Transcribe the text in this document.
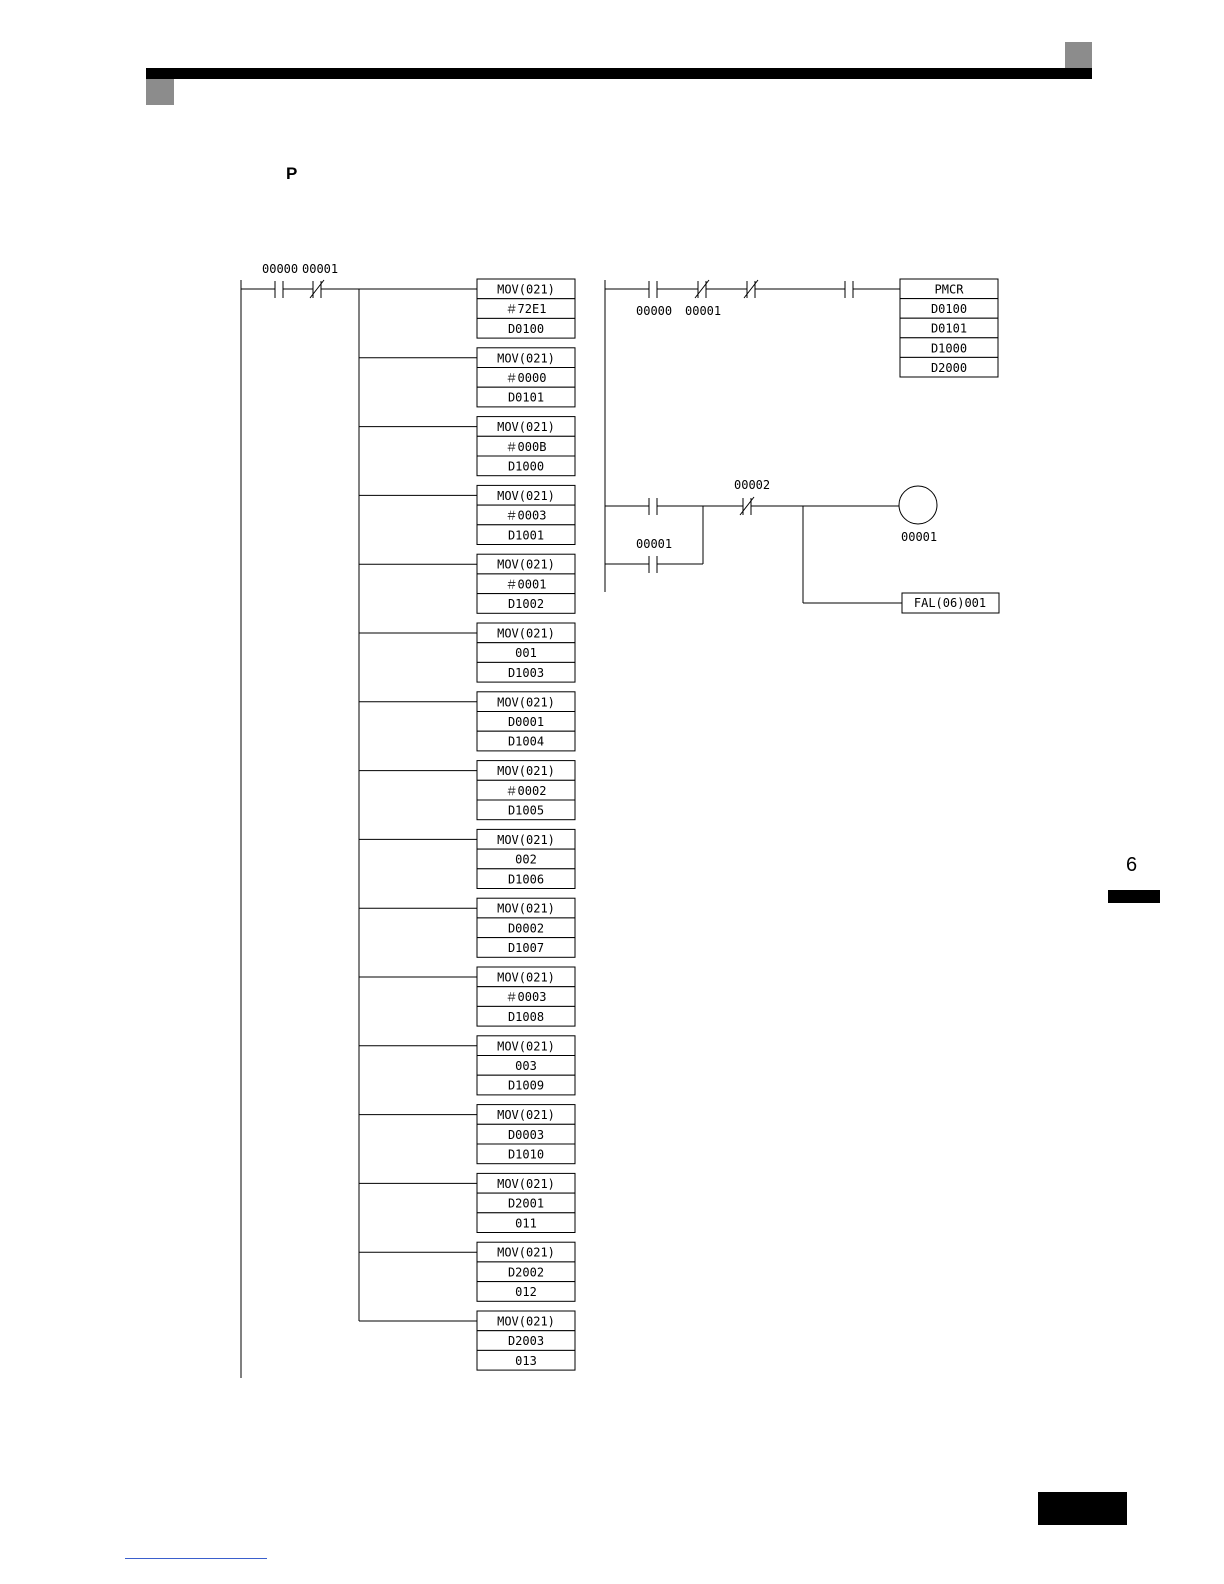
P
6
00000 00001
MOV(021)
＃72E1
D0100
MOV(021)
＃0000
D0101
MOV(021)
＃000B
D1000
MOV(021)
＃0003
D1001
MOV(021)
＃0001
D1002
MOV(021)
001
D1003
MOV(021)
D0001
D1004
MOV(021)
＃0002
D1005
MOV(021)
002
D1006
MOV(021)
D0002
D1007
MOV(021)
＃0003
D1008
MOV(021)
003
D1009
MOV(021)
D0003
D1010
MOV(021)
D2001
011
MOV(021)
D2002
012
MOV(021)
D2003
013
00000 00001
PMCR
D0100
D0101
D1000
D2000
00001
00002
00001
FAL(06)001
